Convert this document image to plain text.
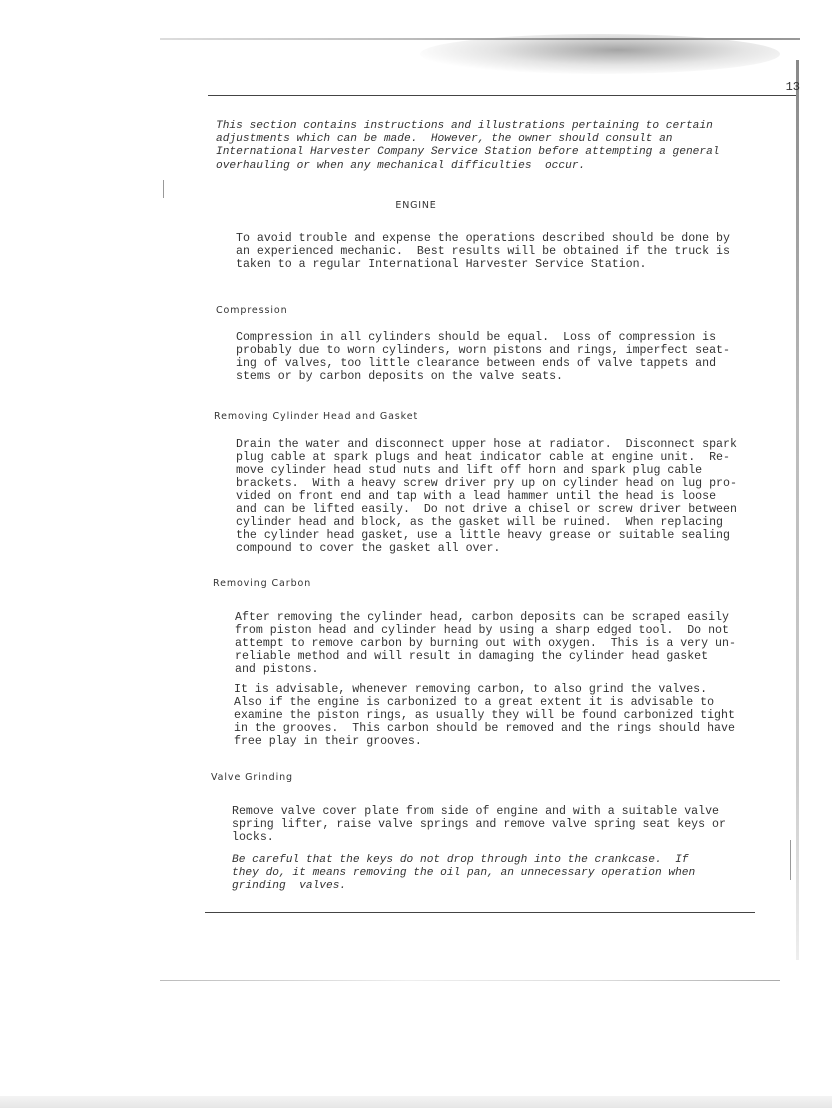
13
This section contains instructions and illustrations pertaining to certain
adjustments which can be made.  However, the owner should consult an
International Harvester Company Service Station before attempting a general
overhauling or when any mechanical difficulties  occur.
ENGINE
To avoid trouble and expense the operations described should be done by
an experienced mechanic.  Best results will be obtained if the truck is
taken to a regular International Harvester Service Station.
Compression
Compression in all cylinders should be equal.  Loss of compression is
probably due to worn cylinders, worn pistons and rings, imperfect seat-
ing of valves, too little clearance between ends of valve tappets and
stems or by carbon deposits on the valve seats.
Removing Cylinder Head and Gasket
Drain the water and disconnect upper hose at radiator.  Disconnect spark
plug cable at spark plugs and heat indicator cable at engine unit.  Re-
move cylinder head stud nuts and lift off horn and spark plug cable
brackets.  With a heavy screw driver pry up on cylinder head on lug pro-
vided on front end and tap with a lead hammer until the head is loose
and can be lifted easily.  Do not drive a chisel or screw driver between
cylinder head and block, as the gasket will be ruined.  When replacing
the cylinder head gasket, use a little heavy grease or suitable sealing
compound to cover the gasket all over.
Removing Carbon
After removing the cylinder head, carbon deposits can be scraped easily
from piston head and cylinder head by using a sharp edged tool.  Do not
attempt to remove carbon by burning out with oxygen.  This is a very un-
reliable method and will result in damaging the cylinder head gasket
and pistons.
It is advisable, whenever removing carbon, to also grind the valves.
Also if the engine is carbonized to a great extent it is advisable to
examine the piston rings, as usually they will be found carbonized tight
in the grooves.  This carbon should be removed and the rings should have
free play in their grooves.
Valve Grinding
Remove valve cover plate from side of engine and with a suitable valve
spring lifter, raise valve springs and remove valve spring seat keys or
locks.
Be careful that the keys do not drop through into the crankcase.  If
they do, it means removing the oil pan, an unnecessary operation when
grinding  valves.
